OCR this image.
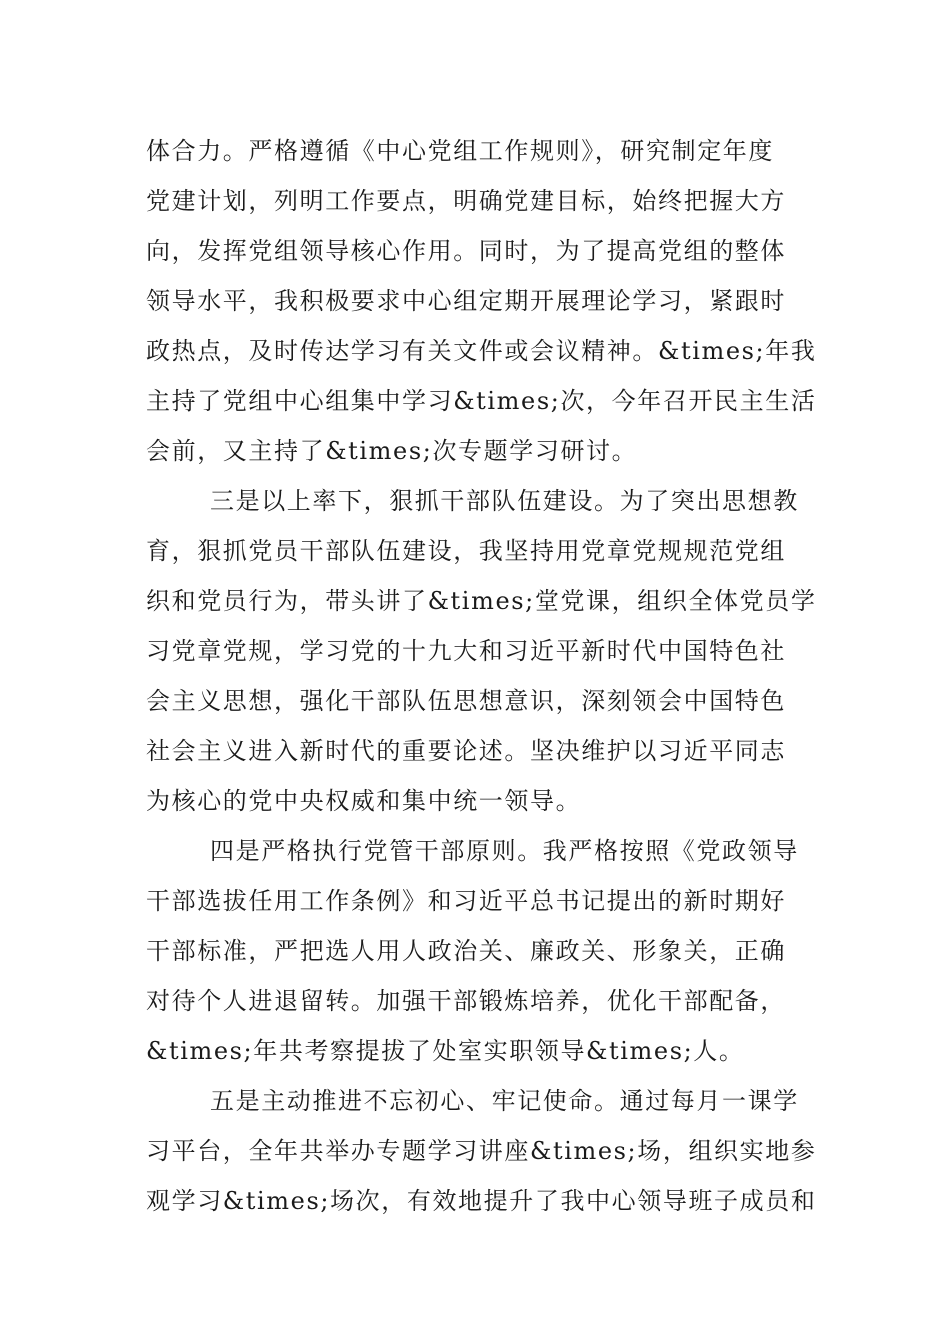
体合力。严格遵循《中心党组工作规则》，研究制定年度
党建计划，列明工作要点，明确党建目标，始终把握大方
向，发挥党组领导核心作用。同时，为了提高党组的整体
领导水平，我积极要求中心组定期开展理论学习，紧跟时
政热点，及时传达学习有关文件或会议精神。&times;年我
主持了党组中心组集中学习&times;次，今年召开民主生活
会前，又主持了&times;次专题学习研讨。
三是以上率下，狠抓干部队伍建设。为了突出思想教
育，狠抓党员干部队伍建设，我坚持用党章党规规范党组
织和党员行为，带头讲了&times;堂党课，组织全体党员学
习党章党规，学习党的十九大和习近平新时代中国特色社
会主义思想，强化干部队伍思想意识，深刻领会中国特色
社会主义进入新时代的重要论述。坚决维护以习近平同志
为核心的党中央权威和集中统一领导。
四是严格执行党管干部原则。我严格按照《党政领导
干部选拔任用工作条例》和习近平总书记提出的新时期好
干部标准，严把选人用人政治关、廉政关、形象关，正确
对待个人进退留转。加强干部锻炼培养，优化干部配备，
&times;年共考察提拔了处室实职领导&times;人。
五是主动推进不忘初心、牢记使命。通过每月一课学
习平台，全年共举办专题学习讲座&times;场，组织实地参
观学习&times;场次，有效地提升了我中心领导班子成员和
